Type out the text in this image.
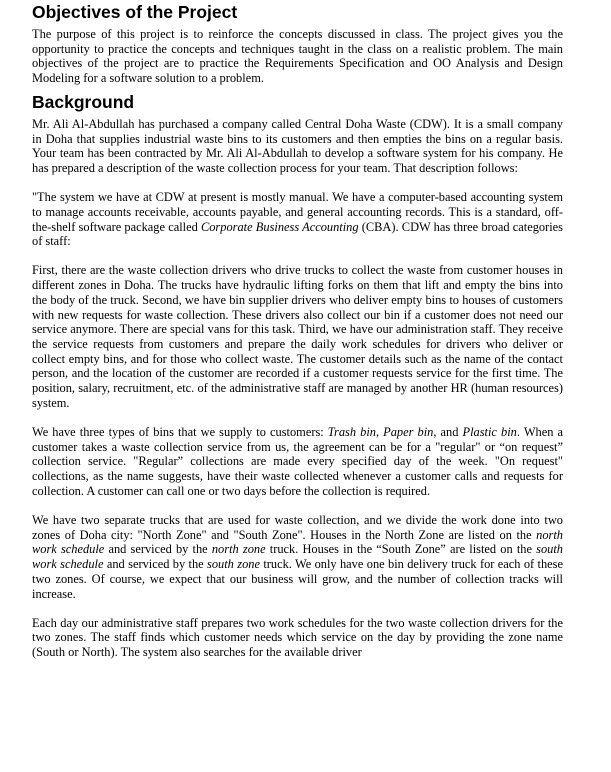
Objectives of the Project

The purpose of this project is to reinforce the concepts discussed in class. The project gives you the opportunity to practice the concepts and techniques taught in the class on a realistic problem. The main objectives of the project are to practice the Requirements Specification and OO Analysis and Design Modeling for a software solution to a problem.

Background

Mr. Ali Al-Abdullah has purchased a company called Central Doha Waste (CDW). It is a small company in Doha that supplies industrial waste bins to its customers and then empties the bins on a regular basis. Your team has been contracted by Mr. Ali Al-Abdullah to develop a software system for his company. He has prepared a description of the waste collection process for your team. That description follows:

"The system we have at CDW at present is mostly manual. We have a computer-based accounting system to manage accounts receivable, accounts payable, and general accounting records. This is a standard, off-the-shelf software package called Corporate Business Accounting (CBA). CDW has three broad categories of staff:

First, there are the waste collection drivers who drive trucks to collect the waste from customer houses in different zones in Doha. The trucks have hydraulic lifting forks on them that lift and empty the bins into the body of the truck. Second, we have bin supplier drivers who deliver empty bins to houses of customers with new requests for waste collection. These drivers also collect our bin if a customer does not need our service anymore. There are special vans for this task. Third, we have our administration staff. They receive the service requests from customers and prepare the daily work schedules for drivers who deliver or collect empty bins, and for those who collect waste. The customer details such as the name of the contact person, and the location of the customer are recorded if a customer requests service for the first time. The position, salary, recruitment, etc. of the administrative staff are managed by another HR (human resources) system.

We have three types of bins that we supply to customers: Trash bin, Paper bin, and Plastic bin. When a customer takes a waste collection service from us, the agreement can be for a "regular" or “on request” collection service. "Regular” collections are made every specified day of the week. "On request" collections, as the name suggests, have their waste collected whenever a customer calls and requests for collection. A customer can call one or two days before the collection is required.

We have two separate trucks that are used for waste collection, and we divide the work done into two zones of Doha city: "North Zone" and "South Zone". Houses in the North Zone are listed on the north work schedule and serviced by the north zone truck. Houses in the “South Zone” are listed on the south work schedule and serviced by the south zone truck. We only have one bin delivery truck for each of these two zones. Of course, we expect that our business will grow, and the number of collection tracks will increase.

Each day our administrative staff prepares two work schedules for the two waste collection drivers for the two zones. The staff finds which customer needs which service on the day by providing the zone name (South or North). The system also searches for the available driver
